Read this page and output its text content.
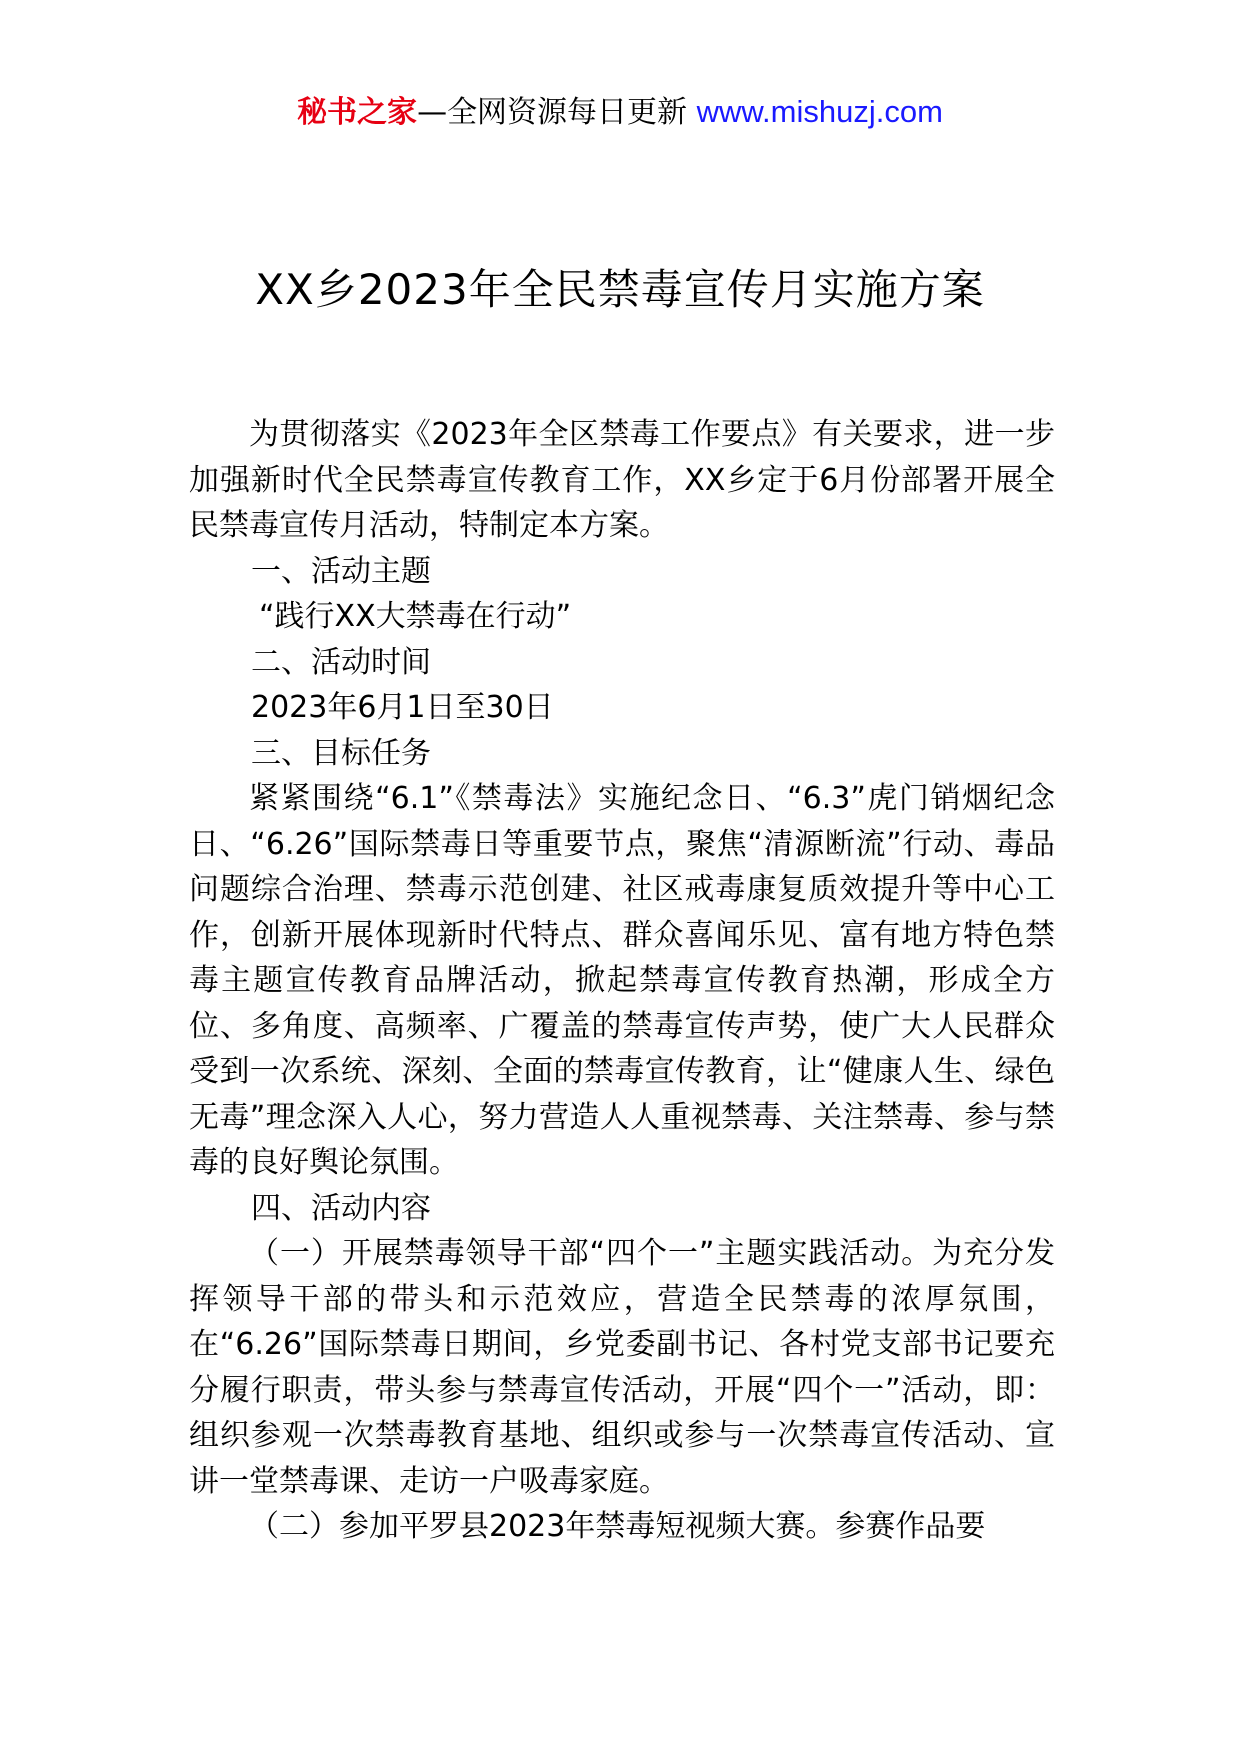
秘书之家—全网资源每日更新 www.mishuzj.com
XX乡2023年全民禁毒宣传月实施方案

为贯彻落实《2023年全区禁毒工作要点》有关要求，进一步加强新时代全民禁毒宣传教育工作，XX乡定于6月份部署开展全民禁毒宣传月活动，特制定本方案。

一、活动主题

“践行XX大禁毒在行动”

二、活动时间

2023年6月1日至30日

三、目标任务

紧紧围绕“6.1”《禁毒法》实施纪念日、“6.3”虎门销烟纪念日、“6.26”国际禁毒日等重要节点，聚焦“清源断流”行动、毒品问题综合治理、禁毒示范创建、社区戒毒康复质效提升等中心工作，创新开展体现新时代特点、群众喜闻乐见、富有地方特色禁毒主题宣传教育品牌活动，掀起禁毒宣传教育热潮，形成全方位、多角度、高频率、广覆盖的禁毒宣传声势，使广大人民群众受到一次系统、深刻、全面的禁毒宣传教育，让“健康人生、绿色无毒”理念深入人心，努力营造人人重视禁毒、关注禁毒、参与禁毒的良好舆论氛围。

四、活动内容

（一）开展禁毒领导干部“四个一”主题实践活动。为充分发挥领导干部的带头和示范效应，营造全民禁毒的浓厚氛围，在“6.26”国际禁毒日期间，乡党委副书记、各村党支部书记要充分履行职责，带头参与禁毒宣传活动，开展“四个一”活动，即：组织参观一次禁毒教育基地、组织或参与一次禁毒宣传活动、宣讲一堂禁毒课、走访一户吸毒家庭。

（二）参加平罗县2023年禁毒短视频大赛。参赛作品要
